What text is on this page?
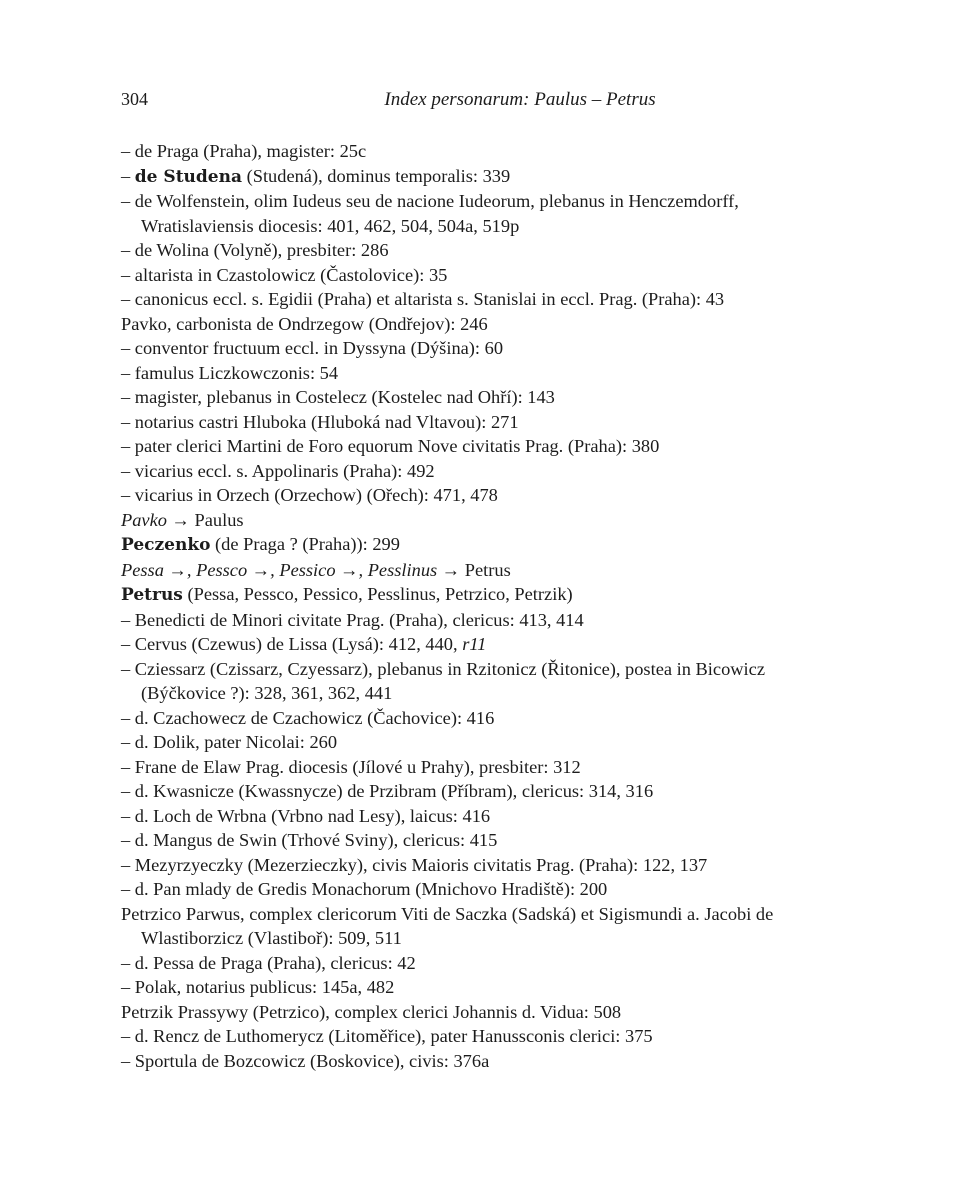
304	Index personarum: Paulus – Petrus
– de Praga (Praha), magister: 25c
– de Studena (Studená), dominus temporalis: 339
– de Wolfenstein, olim Iudeus seu de nacione Iudeorum, plebanus in Henczemdorff, Wratislaviensis diocesis: 401, 462, 504, 504a, 519p
– de Wolina (Volyně), presbiter: 286
– altarista in Czastolowicz (Častolovice): 35
– canonicus eccl. s. Egidii (Praha) et altarista s. Stanislai in eccl. Prag. (Praha): 43
Pavko, carbonista de Ondrzegow (Ondřejov): 246
– conventor fructuum eccl. in Dyssyna (Dýšina): 60
– famulus Liczkowczonis: 54
– magister, plebanus in Costelecz (Kostelec nad Ohří): 143
– notarius castri Hluboka (Hluboká nad Vltavou): 271
– pater clerici Martini de Foro equorum Nove civitatis Prag. (Praha): 380
– vicarius eccl. s. Appolinaris (Praha): 492
– vicarius in Orzech (Orzechow) (Ořech): 471, 478
Pavko → Paulus
Peczenko (de Praga ? (Praha)): 299
Pessa →, Pessco →, Pessico →, Pesslinus → Petrus
Petrus (Pessa, Pessco, Pessico, Pesslinus, Petrzico, Petrzik)
– Benedicti de Minori civitate Prag. (Praha), clericus: 413, 414
– Cervus (Czewus) de Lissa (Lysá): 412, 440, r11
– Cziessarz (Czissarz, Czyessarz), plebanus in Rzitonicz (Řitonice), postea in Bicowicz (Býčkovice ?): 328, 361, 362, 441
– d. Czachowecz de Czachowicz (Čachovice): 416
– d. Dolik, pater Nicolai: 260
– Frane de Elaw Prag. diocesis (Jílové u Prahy), presbiter: 312
– d. Kwasnicze (Kwassnycze) de Przibram (Příbram), clericus: 314, 316
– d. Loch de Wrbna (Vrbno nad Lesy), laicus: 416
– d. Mangus de Swin (Trhové Sviny), clericus: 415
– Mezyrzyeczky (Mezerzieczky), civis Maioris civitatis Prag. (Praha): 122, 137
– d. Pan mlady de Gredis Monachorum (Mnichovo Hradiště): 200
Petrzico Parwus, complex clericorum Viti de Saczka (Sadská) et Sigismundi a. Jacobi de Wlastiborzicz (Vlastiboř): 509, 511
– d. Pessa de Praga (Praha), clericus: 42
– Polak, notarius publicus: 145a, 482
Petrzik Prassywy (Petrzico), complex clerici Johannis d. Vidua: 508
– d. Rencz de Luthomerycz (Litoměřice), pater Hanussconis clerici: 375
– Sportula de Bozcowicz (Boskovice), civis: 376a
